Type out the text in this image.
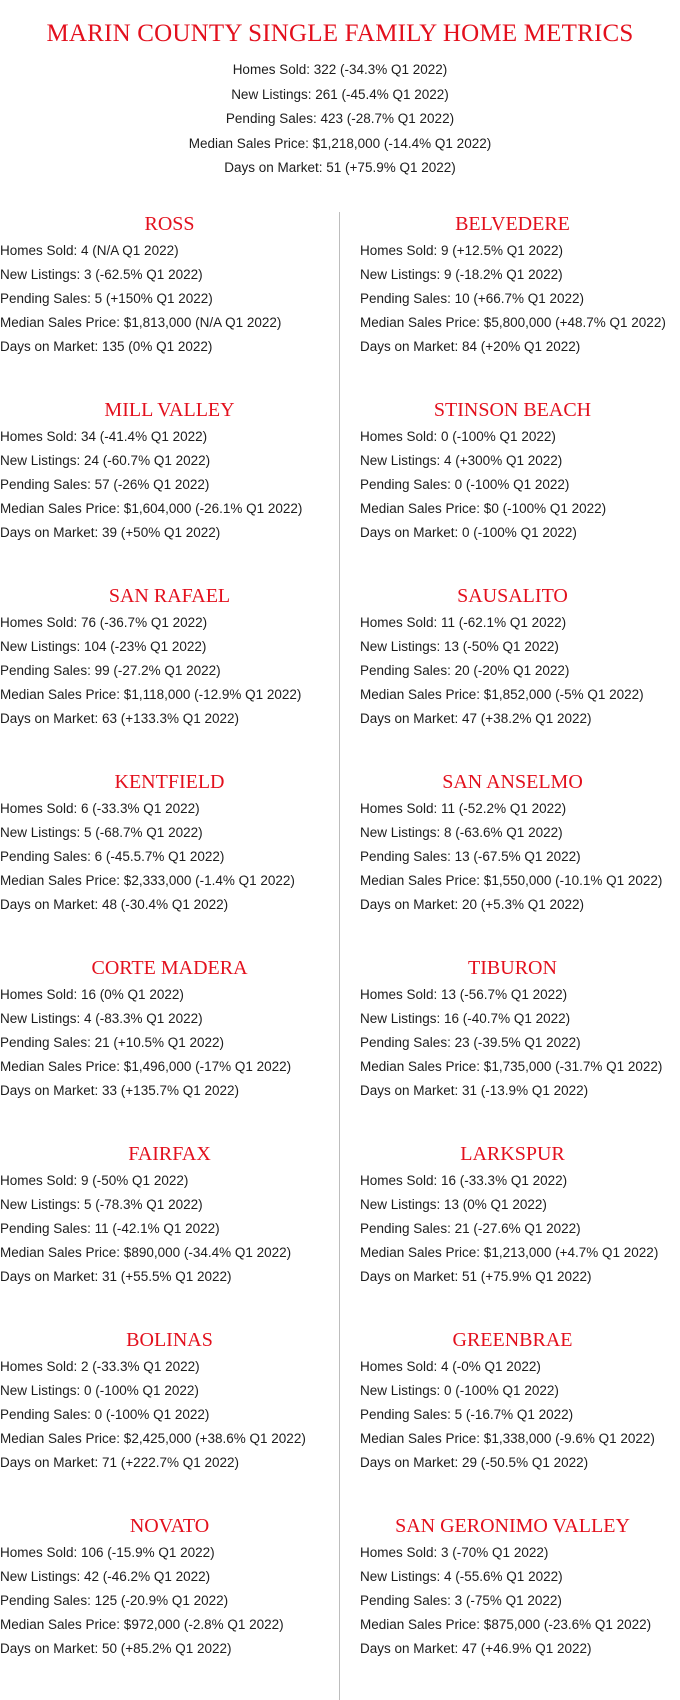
MARIN COUNTY SINGLE FAMILY HOME METRICS
Homes Sold: 322 (-34.3% Q1 2022)
New Listings: 261 (-45.4% Q1 2022)
Pending Sales: 423 (-28.7% Q1 2022)
Median Sales Price: $1,218,000 (-14.4% Q1 2022)
Days on Market: 51 (+75.9% Q1 2022)
ROSS
Homes Sold: 4 (N/A Q1 2022)
New Listings: 3 (-62.5% Q1 2022)
Pending Sales: 5 (+150% Q1 2022)
Median Sales Price: $1,813,000 (N/A Q1 2022)
Days on Market: 135 (0% Q1 2022)
MILL VALLEY
Homes Sold: 34 (-41.4% Q1 2022)
New Listings: 24 (-60.7% Q1 2022)
Pending Sales: 57 (-26% Q1 2022)
Median Sales Price: $1,604,000 (-26.1% Q1 2022)
Days on Market: 39 (+50% Q1 2022)
SAN RAFAEL
Homes Sold: 76 (-36.7% Q1 2022)
New Listings: 104 (-23% Q1 2022)
Pending Sales: 99 (-27.2% Q1 2022)
Median Sales Price: $1,118,000 (-12.9% Q1 2022)
Days on Market: 63 (+133.3% Q1 2022)
KENTFIELD
Homes Sold: 6 (-33.3% Q1 2022)
New Listings: 5 (-68.7% Q1 2022)
Pending Sales: 6 (-45.5.7% Q1 2022)
Median Sales Price: $2,333,000 (-1.4% Q1 2022)
Days on Market: 48 (-30.4% Q1 2022)
CORTE MADERA
Homes Sold: 16 (0% Q1 2022)
New Listings: 4 (-83.3% Q1 2022)
Pending Sales: 21 (+10.5% Q1 2022)
Median Sales Price: $1,496,000 (-17% Q1 2022)
Days on Market: 33 (+135.7% Q1 2022)
FAIRFAX
Homes Sold: 9 (-50% Q1 2022)
New Listings: 5 (-78.3% Q1 2022)
Pending Sales: 11 (-42.1% Q1 2022)
Median Sales Price: $890,000 (-34.4% Q1 2022)
Days on Market: 31 (+55.5% Q1 2022)
BOLINAS
Homes Sold: 2 (-33.3% Q1 2022)
New Listings: 0 (-100% Q1 2022)
Pending Sales: 0 (-100% Q1 2022)
Median Sales Price: $2,425,000 (+38.6% Q1 2022)
Days on Market: 71 (+222.7% Q1 2022)
NOVATO
Homes Sold: 106 (-15.9% Q1 2022)
New Listings: 42 (-46.2% Q1 2022)
Pending Sales: 125 (-20.9% Q1 2022)
Median Sales Price: $972,000 (-2.8% Q1 2022)
Days on Market: 50 (+85.2% Q1 2022)
BELVEDERE
Homes Sold: 9 (+12.5% Q1 2022)
New Listings: 9 (-18.2% Q1 2022)
Pending Sales: 10 (+66.7% Q1 2022)
Median Sales Price: $5,800,000 (+48.7% Q1 2022)
Days on Market: 84 (+20% Q1 2022)
STINSON BEACH
Homes Sold: 0 (-100% Q1 2022)
New Listings: 4 (+300% Q1 2022)
Pending Sales: 0 (-100% Q1 2022)
Median Sales Price: $0 (-100% Q1 2022)
Days on Market: 0 (-100% Q1 2022)
SAUSALITO
Homes Sold: 11 (-62.1% Q1 2022)
New Listings: 13 (-50% Q1 2022)
Pending Sales: 20 (-20% Q1 2022)
Median Sales Price: $1,852,000 (-5% Q1 2022)
Days on Market: 47 (+38.2% Q1 2022)
SAN ANSELMO
Homes Sold: 11 (-52.2% Q1 2022)
New Listings: 8 (-63.6% Q1 2022)
Pending Sales: 13 (-67.5% Q1 2022)
Median Sales Price: $1,550,000 (-10.1% Q1 2022)
Days on Market: 20 (+5.3% Q1 2022)
TIBURON
Homes Sold: 13 (-56.7% Q1 2022)
New Listings: 16 (-40.7% Q1 2022)
Pending Sales: 23 (-39.5% Q1 2022)
Median Sales Price: $1,735,000 (-31.7% Q1 2022)
Days on Market: 31 (-13.9% Q1 2022)
LARKSPUR
Homes Sold: 16 (-33.3% Q1 2022)
New Listings: 13 (0% Q1 2022)
Pending Sales: 21 (-27.6% Q1 2022)
Median Sales Price: $1,213,000 (+4.7% Q1 2022)
Days on Market: 51 (+75.9% Q1 2022)
GREENBRAE
Homes Sold: 4 (-0% Q1 2022)
New Listings: 0 (-100% Q1 2022)
Pending Sales: 5 (-16.7% Q1 2022)
Median Sales Price: $1,338,000 (-9.6% Q1 2022)
Days on Market: 29 (-50.5% Q1 2022)
SAN GERONIMO VALLEY
Homes Sold: 3 (-70% Q1 2022)
New Listings: 4 (-55.6% Q1 2022)
Pending Sales: 3 (-75% Q1 2022)
Median Sales Price: $875,000 (-23.6% Q1 2022)
Days on Market: 47 (+46.9% Q1 2022)
